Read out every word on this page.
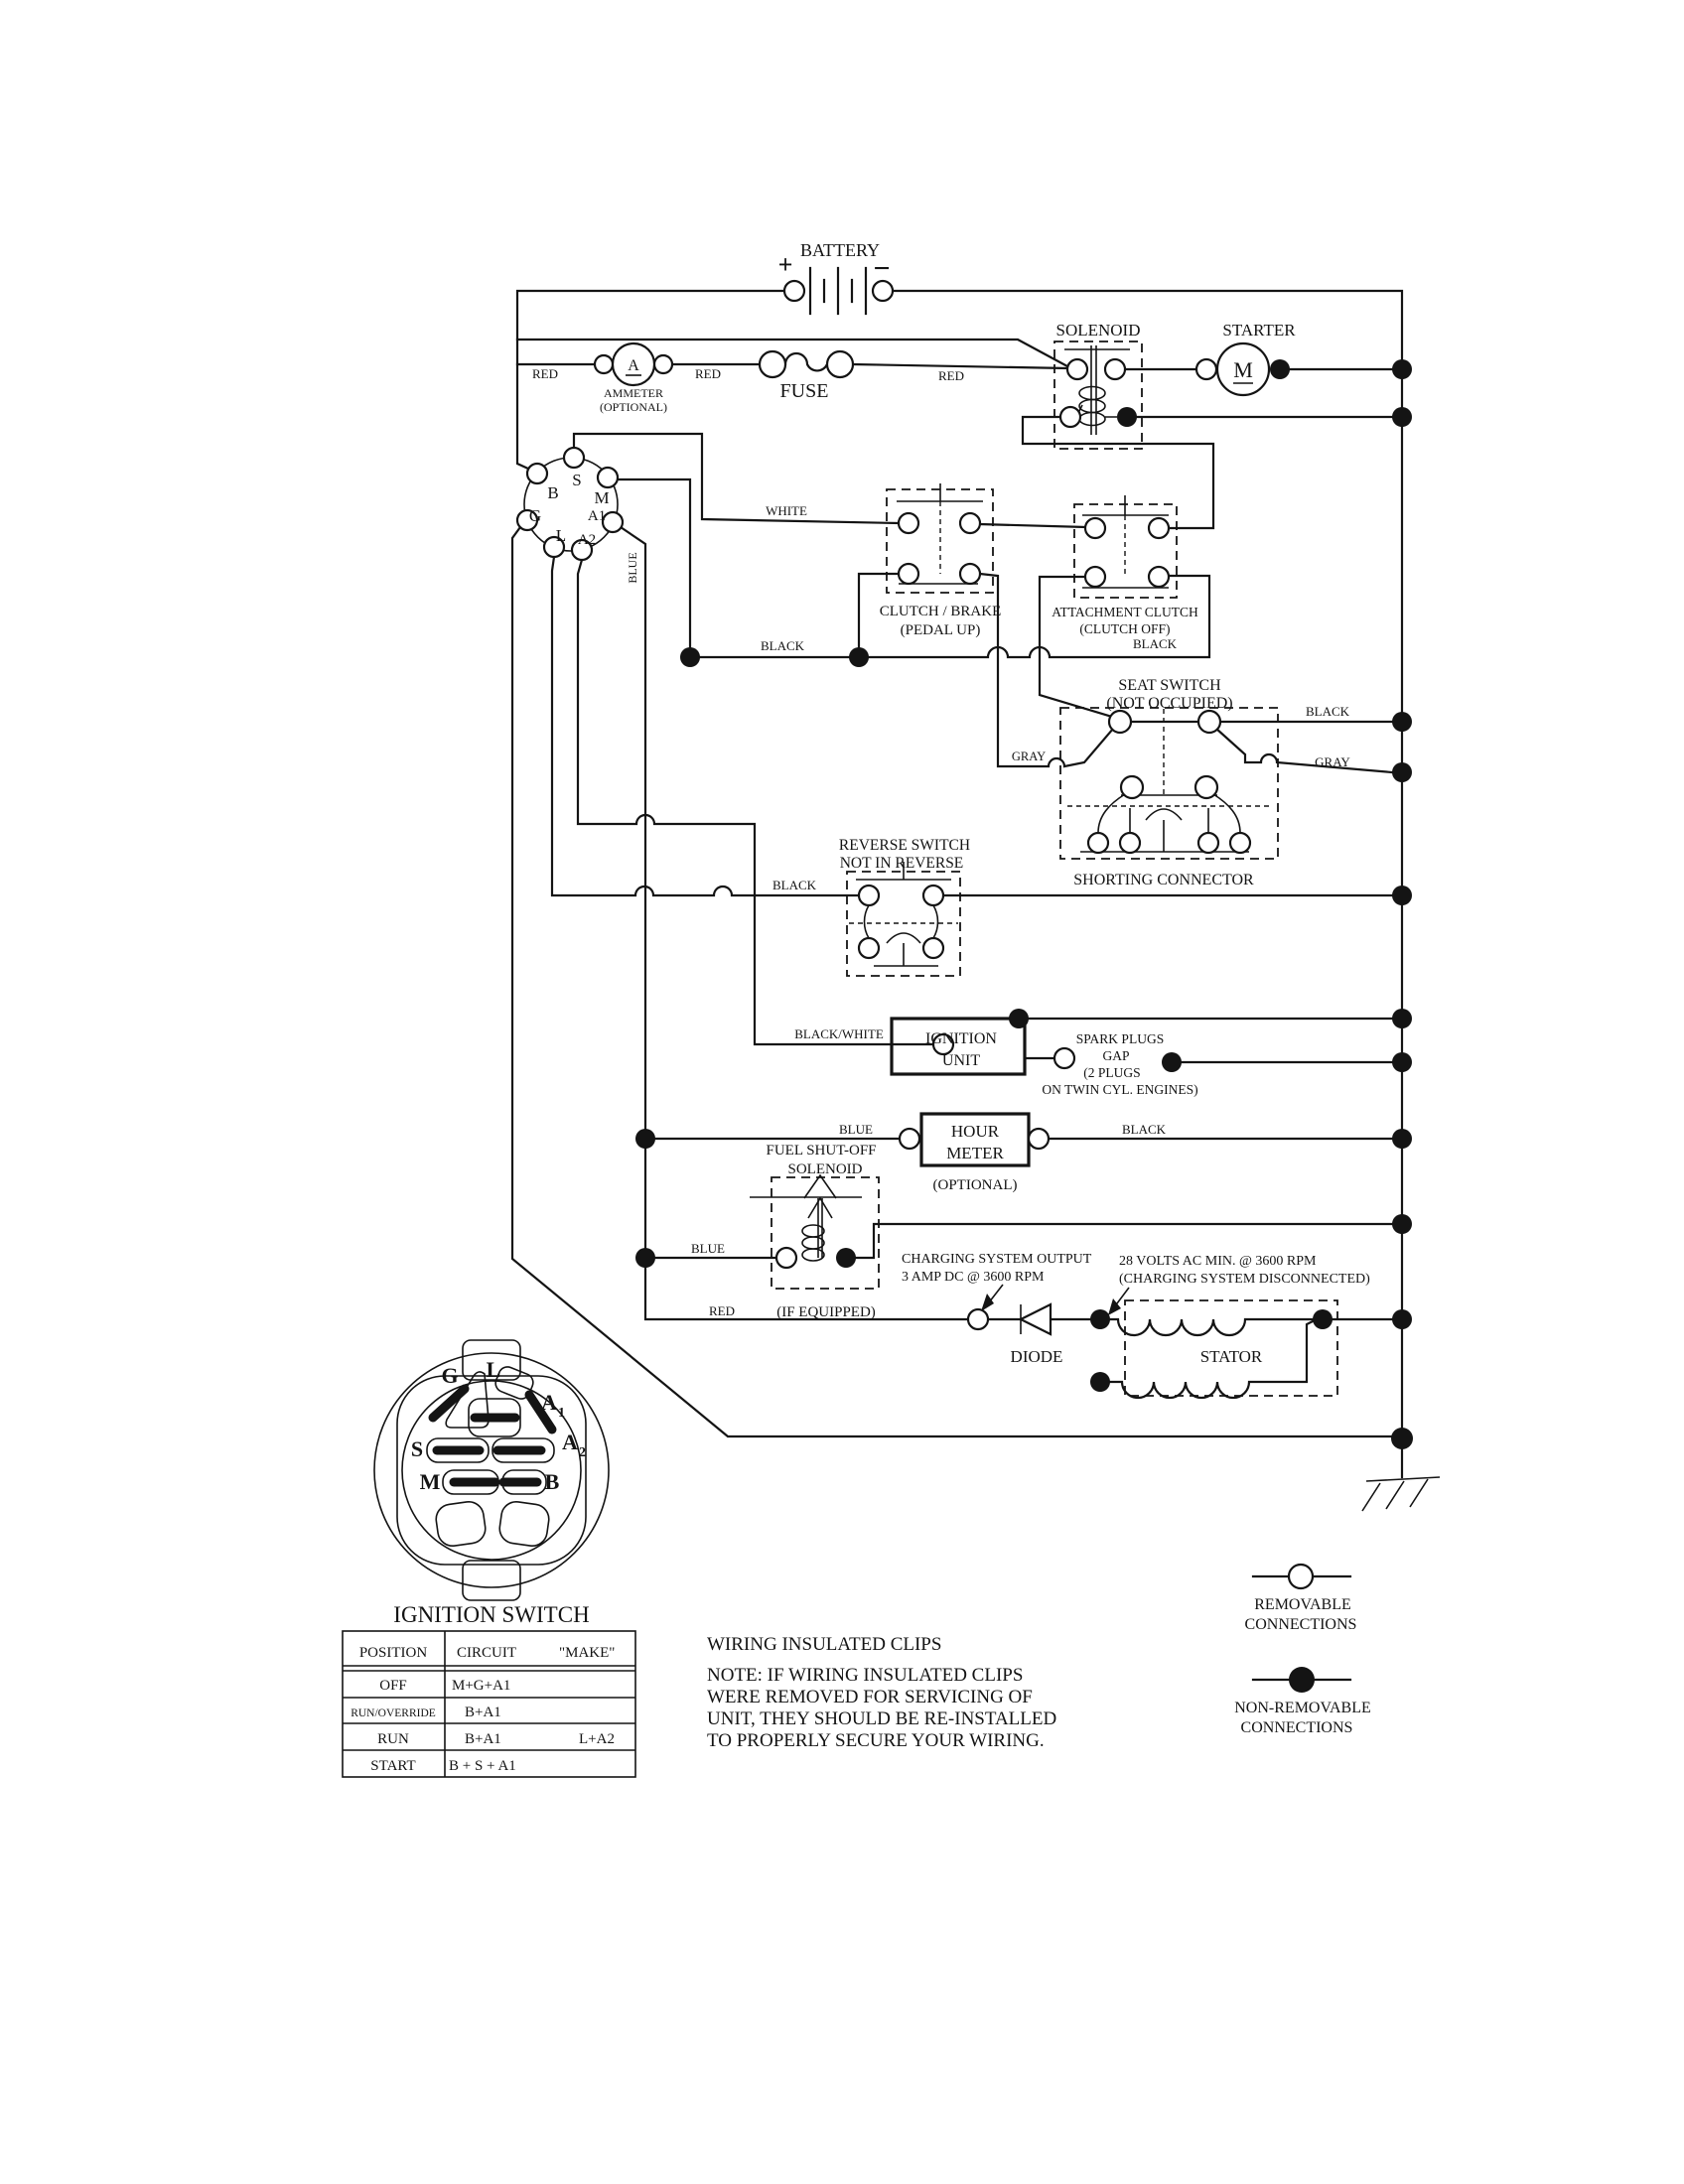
BATTERY
+	−
A
AMMETER
(OPTIONAL)
FUSE
RED	RED	RED
SOLENOID
M
STARTER
B
S
M
G	A1
L A2
WHITE
BLUE
CLUTCH / BRAKE
(PEDAL UP)
ATTACHMENT CLUTCH
(CLUTCH OFF)
BLACK	BLACK
SEAT SWITCH
(NOT OCCUPIED)
SHORTING CONNECTOR
BLACK
GRAY	GRAY
REVERSE SWITCH
NOT IN REVERSE
BLACK
IGNITION
UNIT
BLACK/WHITE	SPARK PLUGS
GAP
(2 PLUGS
ON TWIN CYL. ENGINES)
HOUR
METER
(OPTIONAL)
BLUE	BLACK
FUEL SHUT-OFF
SOLENOID
(IF EQUIPPED)
BLUE
RED
CHARGING SYSTEM OUTPUT
3 AMP DC @ 3600 RPM
28 VOLTS AC MIN. @ 3600 RPM
(CHARGING SYSTEM DISCONNECTED)
DIODE	STATOR
G L
A 1
A 2
S
M	B
IGNITION SWITCH
POSITION CIRCUIT	"MAKE"
OFF	M+G+A1
RUN/OVERRIDE B+A1
RUN	B+A1	L+A2
START B + S + A1
WIRING INSULATED CLIPS
NOTE: IF WIRING INSULATED CLIPS
WERE REMOVED FOR SERVICING OF
UNIT, THEY SHOULD BE RE-INSTALLED
TO PROPERLY SECURE YOUR WIRING.
REMOVABLE
CONNECTIONS
NON-REMOVABLE
CONNECTIONS
